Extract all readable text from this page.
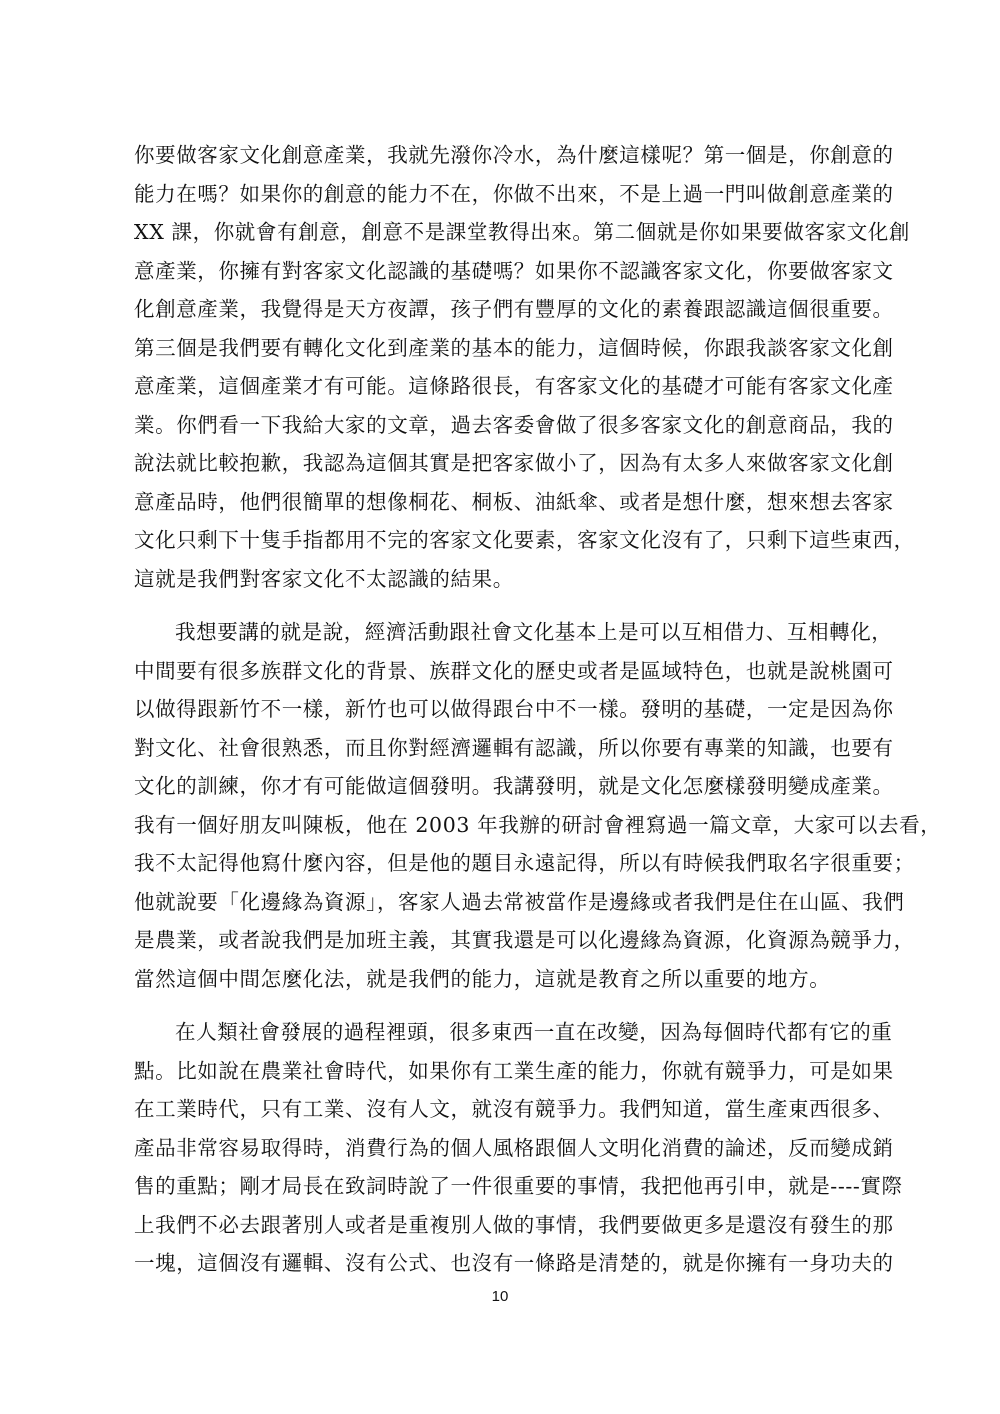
你要做客家文化創意產業，我就先潑你冷水，為什麼這樣呢？第一個是，你創意的
能力在嗎？如果你的創意的能力不在，你做不出來，不是上過一門叫做創意產業的
XX 課，你就會有創意，創意不是課堂教得出來。第二個就是你如果要做客家文化創
意產業，你擁有對客家文化認識的基礎嗎？如果你不認識客家文化，你要做客家文
化創意產業，我覺得是天方夜譚，孩子們有豐厚的文化的素養跟認識這個很重要。
第三個是我們要有轉化文化到產業的基本的能力，這個時候，你跟我談客家文化創
意產業，這個產業才有可能。這條路很長，有客家文化的基礎才可能有客家文化產
業。你們看一下我給大家的文章，過去客委會做了很多客家文化的創意商品，我的
說法就比較抱歉，我認為這個其實是把客家做小了，因為有太多人來做客家文化創
意產品時，他們很簡單的想像桐花、桐板、油紙傘、或者是想什麼，想來想去客家
文化只剩下十隻手指都用不完的客家文化要素，客家文化沒有了，只剩下這些東西，
這就是我們對客家文化不太認識的結果。
我想要講的就是說，經濟活動跟社會文化基本上是可以互相借力、互相轉化，
中間要有很多族群文化的背景、族群文化的歷史或者是區域特色，也就是說桃園可
以做得跟新竹不一樣，新竹也可以做得跟台中不一樣。發明的基礎，一定是因為你
對文化、社會很熟悉，而且你對經濟邏輯有認識，所以你要有專業的知識，也要有
文化的訓練，你才有可能做這個發明。我講發明，就是文化怎麼樣發明變成產業。
我有一個好朋友叫陳板，他在 2003 年我辦的研討會裡寫過一篇文章，大家可以去看，
我不太記得他寫什麼內容，但是他的題目永遠記得，所以有時候我們取名字很重要；
他就說要「化邊緣為資源」，客家人過去常被當作是邊緣或者我們是住在山區、我們
是農業，或者說我們是加班主義，其實我還是可以化邊緣為資源，化資源為競爭力，
當然這個中間怎麼化法，就是我們的能力，這就是教育之所以重要的地方。
在人類社會發展的過程裡頭，很多東西一直在改變，因為每個時代都有它的重
點。比如說在農業社會時代，如果你有工業生產的能力，你就有競爭力，可是如果
在工業時代，只有工業、沒有人文，就沒有競爭力。我們知道，當生產東西很多、
產品非常容易取得時，消費行為的個人風格跟個人文明化消費的論述，反而變成銷
售的重點；剛才局長在致詞時說了一件很重要的事情，我把他再引申，就是----實際
上我們不必去跟著別人或者是重複別人做的事情，我們要做更多是還沒有發生的那
一塊，這個沒有邏輯、沒有公式、也沒有一條路是清楚的，就是你擁有一身功夫的
10
